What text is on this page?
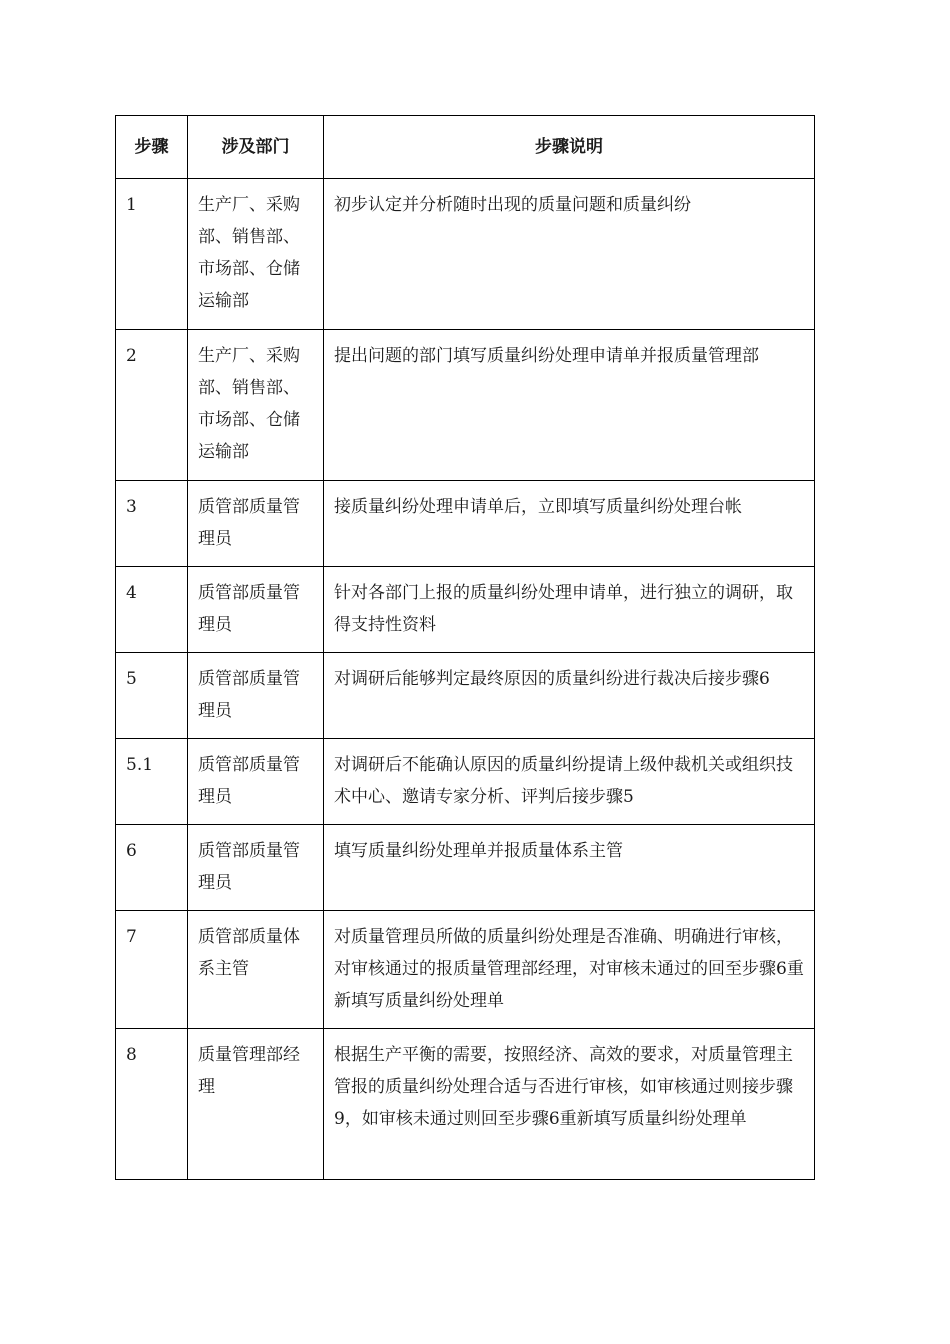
步骤	涉及部门	步骤说明
1	生产厂、采购部、销售部、市场部、仓储运输部	初步认定并分析随时出现的质量问题和质量纠纷
2	生产厂、采购部、销售部、市场部、仓储运输部	提出问题的部门填写质量纠纷处理申请单并报质量管理部
3	质管部质量管理员	接质量纠纷处理申请单后，立即填写质量纠纷处理台帐
4	质管部质量管理员	针对各部门上报的质量纠纷处理申请单，进行独立的调研，取得支持性资料
5	质管部质量管理员	对调研后能够判定最终原因的质量纠纷进行裁决后接步骤6
5.1	质管部质量管理员	对调研后不能确认原因的质量纠纷提请上级仲裁机关或组织技术中心、邀请专家分析、评判后接步骤5
6	质管部质量管理员	填写质量纠纷处理单并报质量体系主管
7	质管部质量体系主管	对质量管理员所做的质量纠纷处理是否准确、明确进行审核，对审核通过的报质量管理部经理，对审核未通过的回至步骤6重新填写质量纠纷处理单
8	质量管理部经理	根据生产平衡的需要，按照经济、高效的要求，对质量管理主管报的质量纠纷处理合适与否进行审核，如审核通过则接步骤9，如审核未通过则回至步骤6重新填写质量纠纷处理单
